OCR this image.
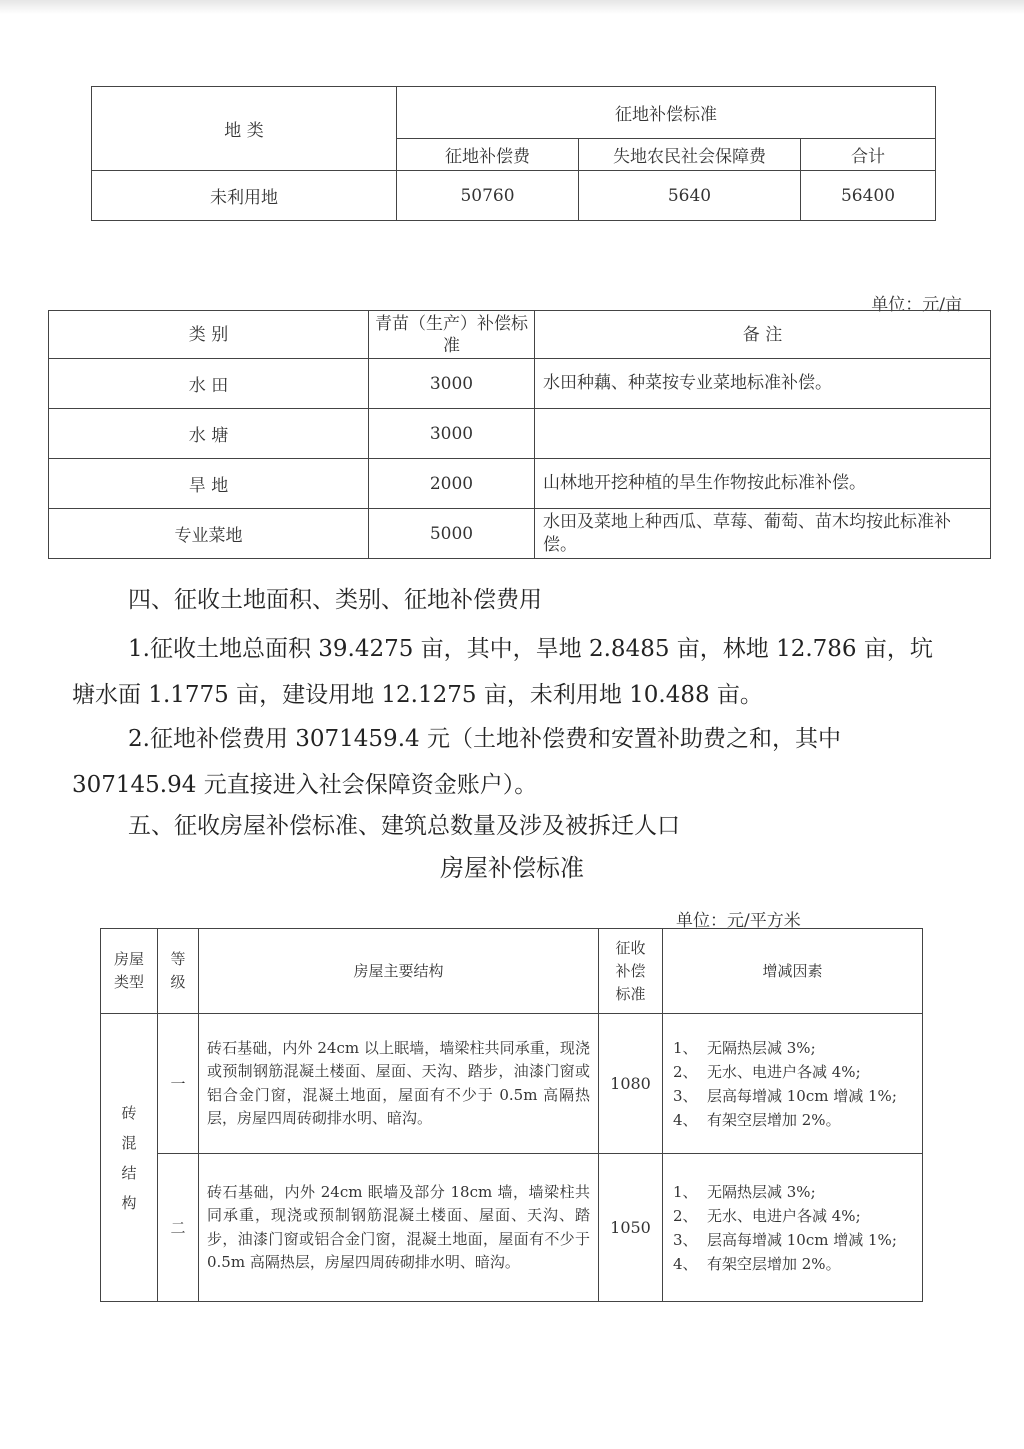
地 类	征地补偿标准		
	征地补偿费	失地农民社会保障费	合计
未利用地	50760	5640	56400
单位：元/亩
类 别	青苗（生产）补偿标准	备 注
水 田	3000	水田种藕、种菜按专业菜地标准补偿。
水 塘	3000	
旱 地	2000	山林地开挖种植的旱生作物按此标准补偿。
专业菜地	5000	水田及菜地上种西瓜、草莓、葡萄、苗木均按此标准补偿。
四、征收土地面积、类别、征地补偿费用
1.征收土地总面积 39.4275 亩，其中，旱地 2.8485 亩，林地 12.786 亩，坑塘水面 1.1775 亩，建设用地 12.1275 亩，未利用地 10.488 亩。
2.征地补偿费用 3071459.4 元（土地补偿费和安置补助费之和，其中 307145.94 元直接进入社会保障资金账户）。
五、征收房屋补偿标准、建筑总数量及涉及被拆迁人口
房屋补偿标准
单位：元/平方米
房屋类型	等级	房屋主要结构	征收补偿标准	增减因素
砖混结构	一	砖石基础，内外 24cm 以上眠墙，墙梁柱共同承重，现浇或预制钢筋混凝土楼面、屋面、天沟、踏步，油漆门窗或铝合金门窗，混凝土地面，屋面有不少于 0.5m 高隔热层，房屋四周砖砌排水明、暗沟。	1080	1、 无隔热层减 3%;
2、 无水、电进户各减 4%;
3、 层高每增减 10cm 增减 1%;
4、 有架空层增加 2%。

	二	砖石基础，内外 24cm 眠墙及部分 18cm 墙，墙梁柱共同承重，现浇或预制钢筋混凝土楼面、屋面、天沟、踏步，油漆门窗或铝合金门窗，混凝土地面，屋面有不少于 0.5m 高隔热层，房屋四周砖砌排水明、暗沟。	1050	1、 无隔热层减 3%;
2、 无水、电进户各减 4%;
3、 层高每增减 10cm 增减 1%;
4、 有架空层增加 2%。
